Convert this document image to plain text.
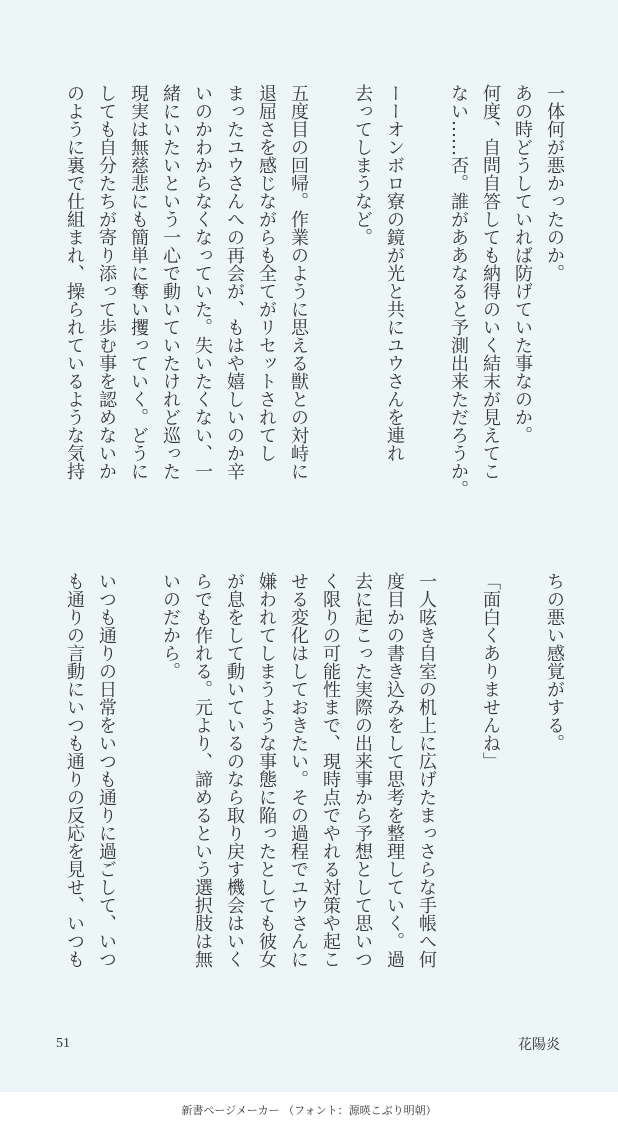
一体何が悪かったのか。
あの時どうしていれば防げていた事なのか。
何度、自問自答しても納得のいく結末が見えてこ
ない……否。誰がああなると予測出来ただろうか。
ーーオンボロ寮の鏡が光と共にユウさんを連れ
去ってしまうなど。
五度目の回帰。作業のように思える獣との対峙に
退屈さを感じながらも全てがリセットされてし
まったユウさんへの再会が、もはや嬉しいのか辛
いのかわからなくなっていた。失いたくない、一
緒にいたいという一心で動いていたけれど巡った
現実は無慈悲にも簡単に奪い攫っていく。どうに
しても自分たちが寄り添って歩む事を認めないか
のように裏で仕組まれ、操られているような気持
ちの悪い感覚がする。
「面白くありませんね」
一人呟き自室の机上に広げたまっさらな手帳へ何
度目かの書き込みをして思考を整理していく。過
去に起こった実際の出来事から予想として思いつ
く限りの可能性まで、現時点でやれる対策や起こ
せる変化はしておきたい。その過程でユウさんに
嫌われてしまうような事態に陥ったとしても彼女
が息をして動いているのなら取り戻す機会はいく
らでも作れる。元より、諦めるという選択肢は無
いのだから。
いつも通りの日常をいつも通りに過ごして、いつ
も通りの言動にいつも通りの反応を見せ、いつも
51	花陽炎
新書ページメーカー （フォント：源暎こぶり明朝）
